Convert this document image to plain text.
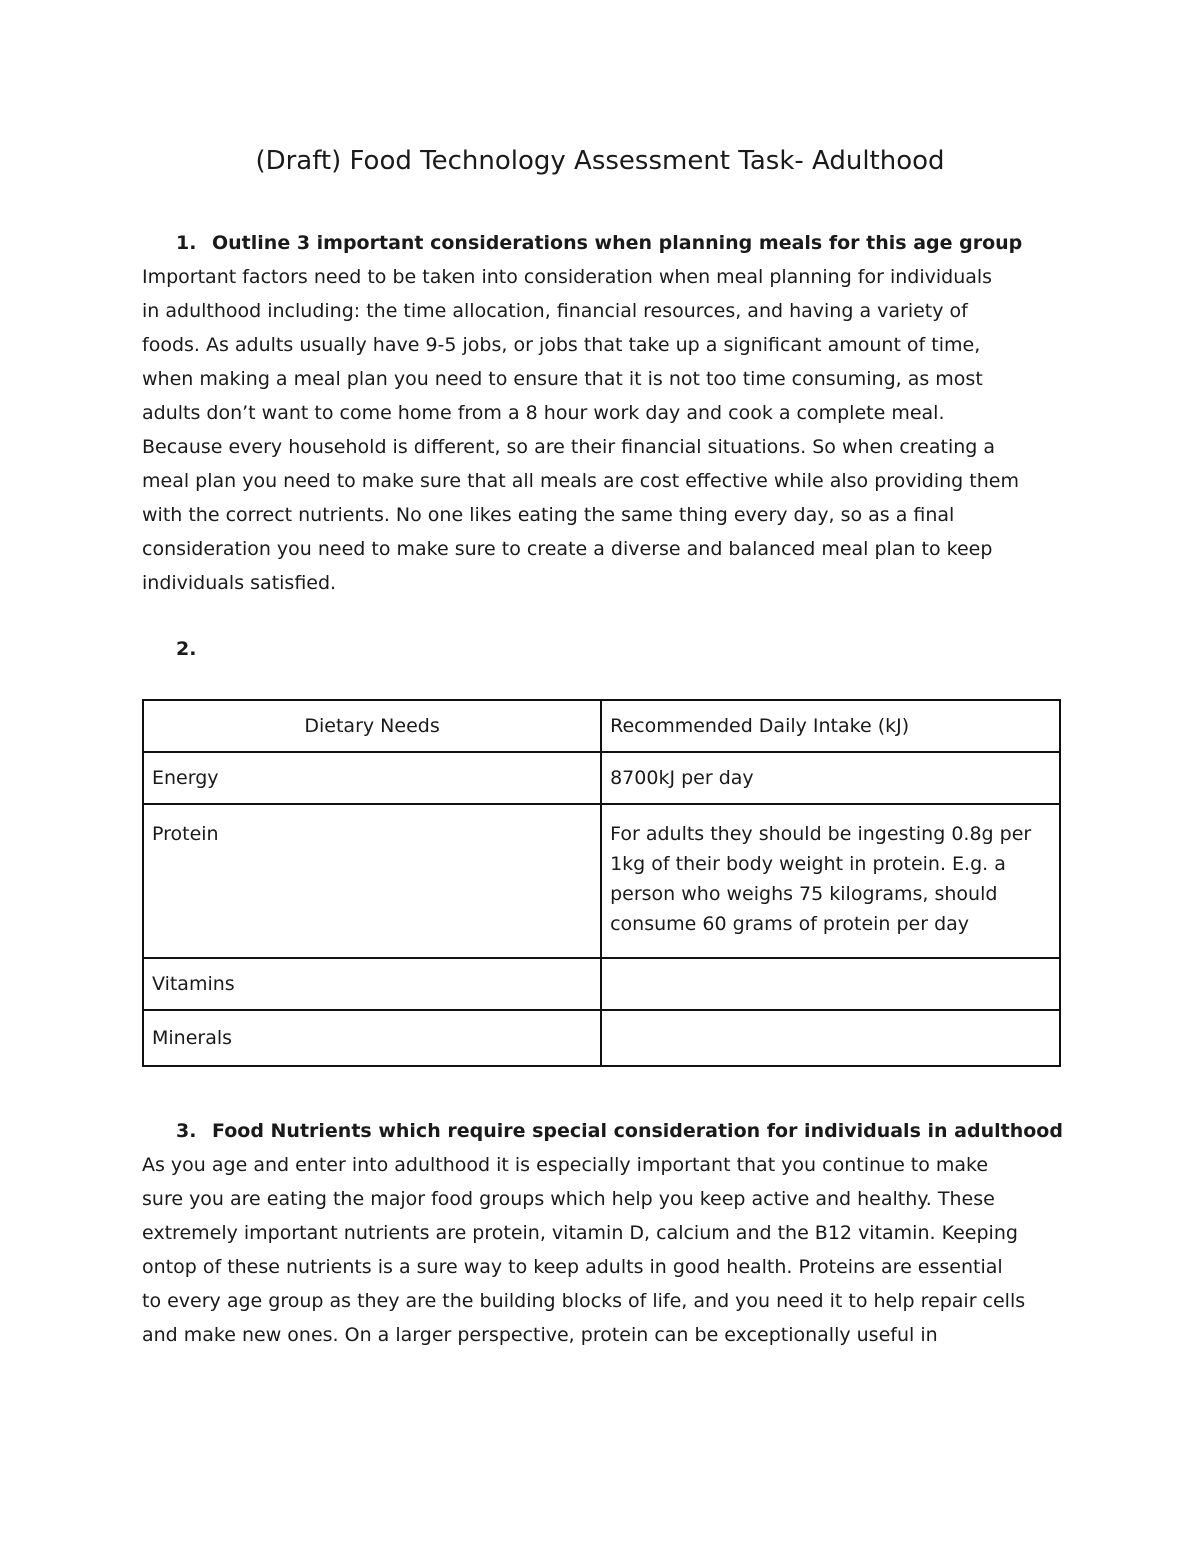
(Draft) Food Technology Assessment Task- Adulthood
1. Outline 3 important considerations when planning meals for this age group
Important factors need to be taken into consideration when meal planning for individuals
in adulthood including: the time allocation, financial resources, and having a variety of
foods. As adults usually have 9-5 jobs, or jobs that take up a significant amount of time,
when making a meal plan you need to ensure that it is not too time consuming, as most
adults don’t want to come home from a 8 hour work day and cook a complete meal.
Because every household is different, so are their financial situations. So when creating a
meal plan you need to make sure that all meals are cost effective while also providing them
with the correct nutrients. No one likes eating the same thing every day, so as a final
consideration you need to make sure to create a diverse and balanced meal plan to keep
individuals satisfied.
2.
Dietary Needs	Recommended Daily Intake (kJ)
Energy	8700kJ per day
Protein	For adults they should be ingesting 0.8g per
1kg of their body weight in protein. E.g. a
person who weighs 75 kilograms, should
consume 60 grams of protein per day

Vitamins	
Minerals	
3. Food Nutrients which require special consideration for individuals in adulthood
As you age and enter into adulthood it is especially important that you continue to make
sure you are eating the major food groups which help you keep active and healthy. These
extremely important nutrients are protein, vitamin D, calcium and the B12 vitamin. Keeping
ontop of these nutrients is a sure way to keep adults in good health. Proteins are essential
to every age group as they are the building blocks of life, and you need it to help repair cells
and make new ones. On a larger perspective, protein can be exceptionally useful in
